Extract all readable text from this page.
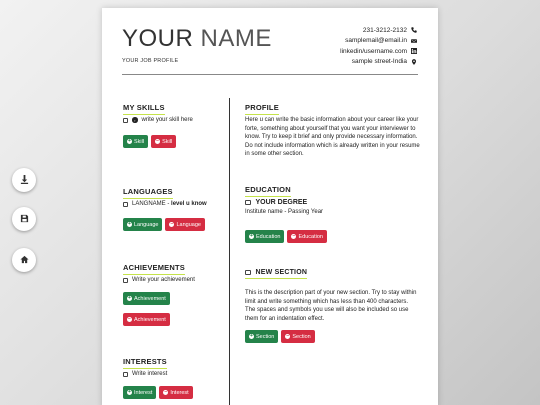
YOUR NAME
YOUR JOB PROFILE
231-3212-2132
samplemail@email.in
linkedin/username.com
sample street-India
MY SKILLS
›	write your skill here
+ Skill − Skill
LANGUAGES
LANGNAME - level u know
+ Language − Language
ACHIEVEMENTS
Write your achievement
+ Achievement
− Achievement
INTERESTS
Write interest
+ Interest − Interest
PROFILE
Here u can write the basic information about your career like your forte, something about yourself that you want your interviewer to know. Try to keep it brief and only provide necessary information. Do not include information which is already written in your resume in some other section.
EDUCATION
YOUR DEGREE
Institute name - Passing Year
+ Education − Education
NEW SECTION
This is the description part of your new section. Try to stay within limit and write something which has less than 400 characters. The spaces and symbols you use will also be included so use them for an indentation effect.
+ Section − Section
